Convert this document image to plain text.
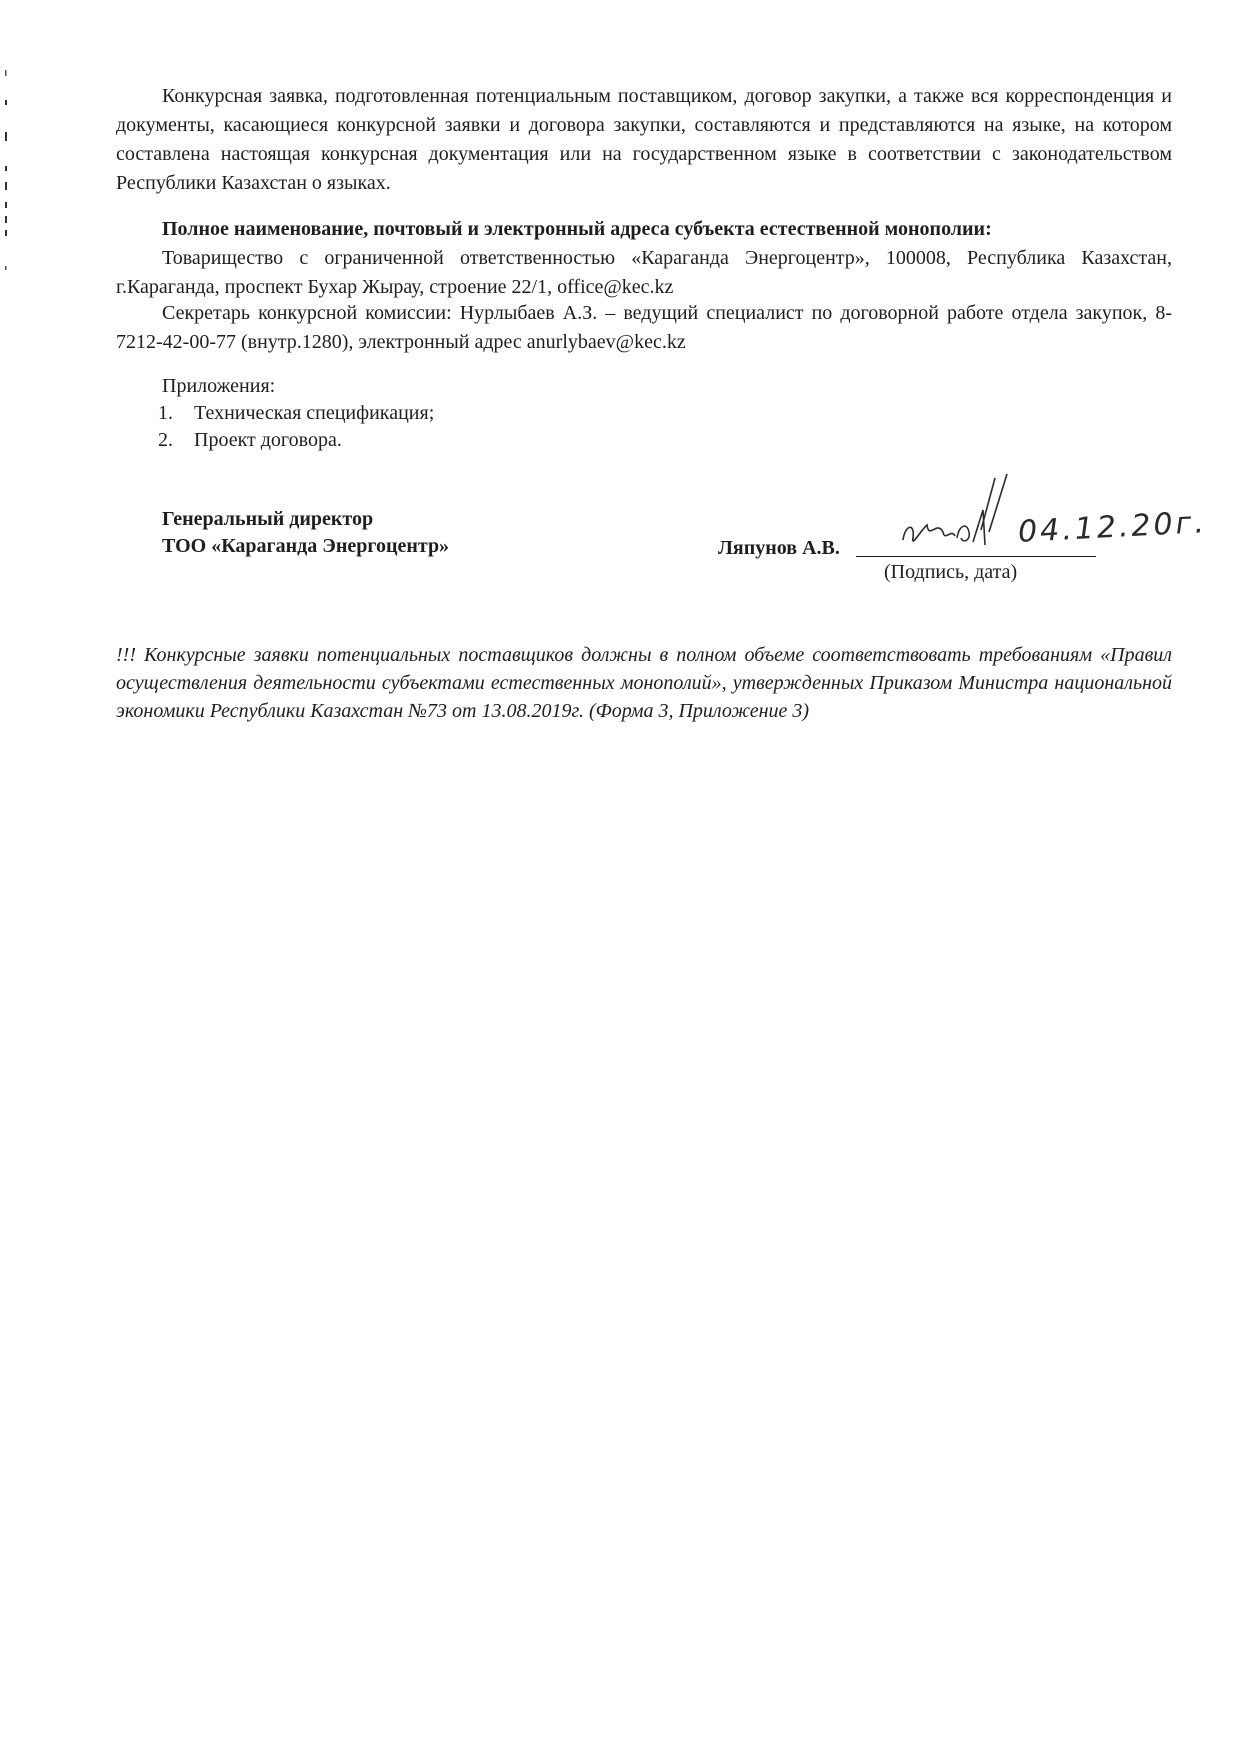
Конкурсная заявка, подготовленная потенциальным поставщиком, договор закупки, а также вся корреспонденция и документы, касающиеся конкурсной заявки и договора закупки, составляются и представляются на языке, на котором составлена настоящая конкурсная документация или на государственном языке в соответствии с законодательством Республики Казахстан о языках.

Полное наименование, почтовый и электронный адреса субъекта естественной монополии:

Товарищество с ограниченной ответственностью «Караганда Энергоцентр», 100008, Республика Казахстан, г.Караганда, проспект Бухар Жырау, строение 22/1, office@kec.kz

Секретарь конкурсной комиссии: Нурлыбаев А.З. – ведущий специалист по договорной работе отдела закупок, 8-7212-42-00-77 (внутр.1280), электронный адрес anurlybaev@kec.kz

Приложения:

1.	Техническая спецификация;
2.	Проект договора.

Генеральный директор

ТОО «Караганда Энергоцентр»	Ляпунов А.В.	04.12.20г.

(Подпись, дата)

!!! Конкурсные заявки потенциальных поставщиков должны в полном объеме соответствовать требованиям «Правил осуществления деятельности субъектами естественных монополий», утвержденных Приказом Министра национальной экономики Республики Казахстан №73 от 13.08.2019г. (Форма 3, Приложение 3)
